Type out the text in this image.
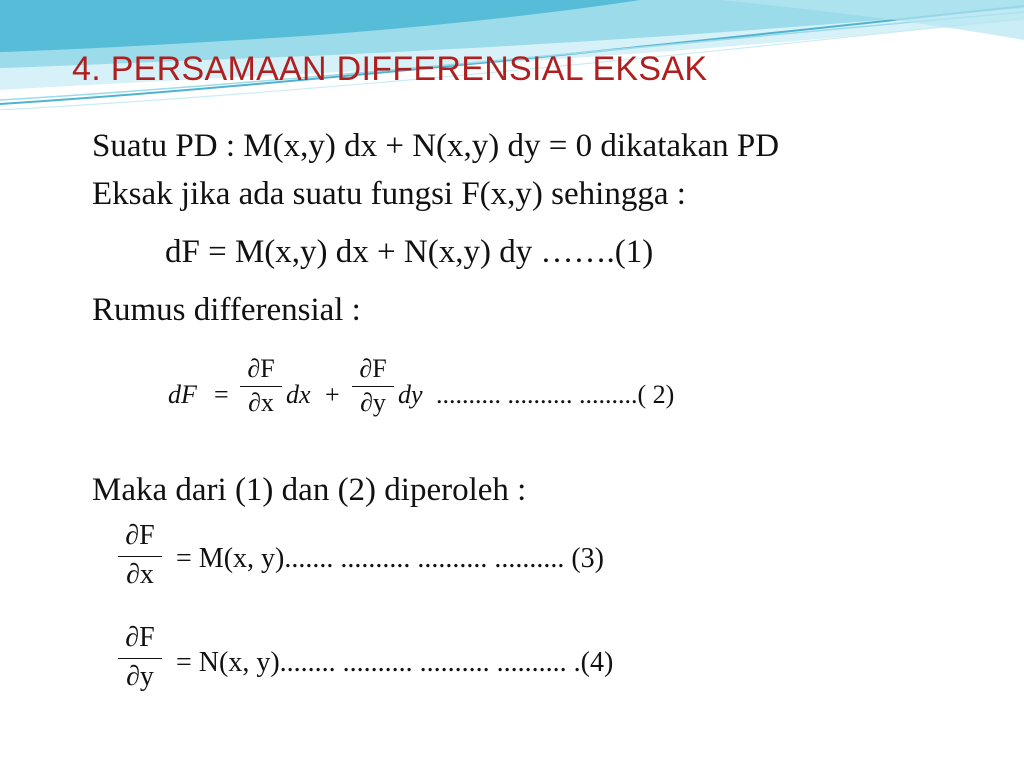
4. PERSAMAAN DIFFERENSIAL EKSAK
Suatu PD : M(x,y) dx + N(x,y) dy = 0 dikatakan PD
Eksak jika ada suatu fungsi F(x,y) sehingga :
dF = M(x,y) dx + N(x,y) dy …….(1)
Rumus differensial :
dF =
∂F
∂x dx +
∂F
∂y dy .......... .......... .........( 2)
Maka dari (1) dan (2) diperoleh :
∂F
∂x
= M(x, y)....... .......... .......... .......... (3)
∂F
∂y = N(x, y)........ .......... .......... .......... .(4)
